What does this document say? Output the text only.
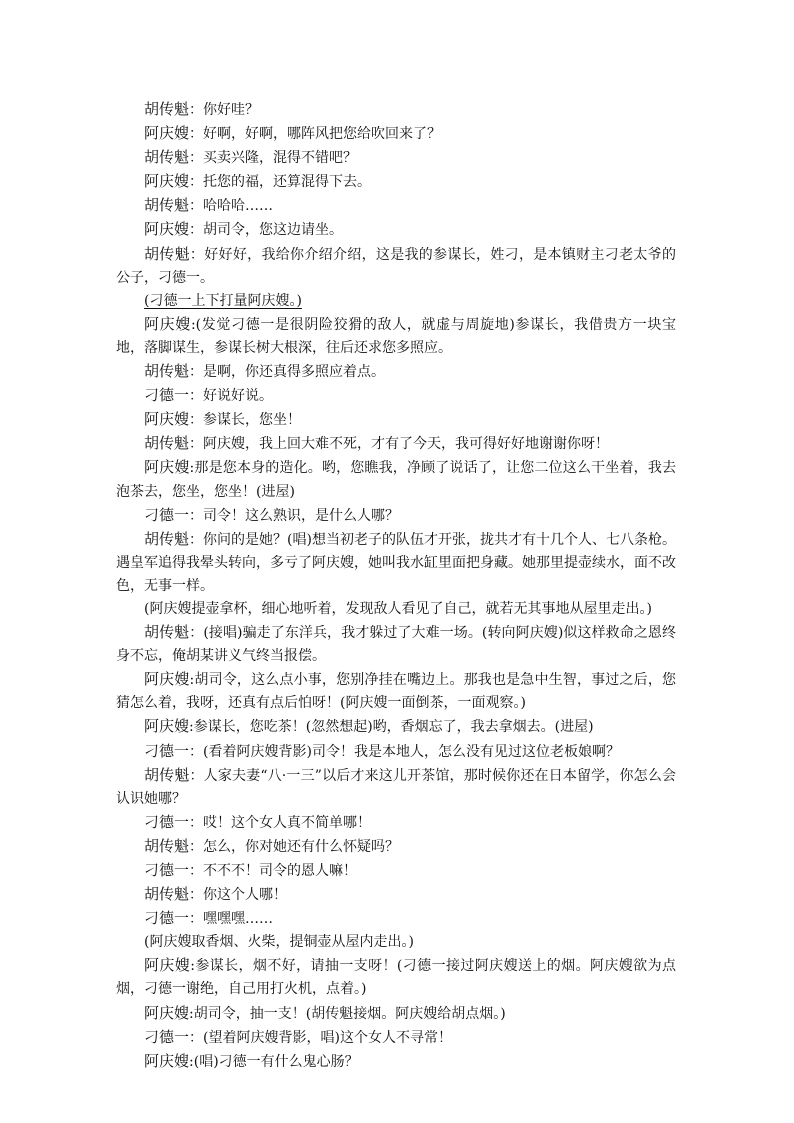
胡传魁：你好哇？

阿庆嫂：好啊，好啊，哪阵风把您给吹回来了？

胡传魁：买卖兴隆，混得不错吧？

阿庆嫂：托您的福，还算混得下去。

胡传魁：哈哈哈……

阿庆嫂：胡司令，您这边请坐。

胡传魁：好好好，我给你介绍介绍，这是我的参谋长，姓刁，是本镇财主刁老太爷的公子，刁德一。

(刁德一上下打量阿庆嫂。)

阿庆嫂:(发觉刁德一是很阴险狡猾的敌人，就虚与周旋地)参谋长，我借贵方一块宝地，落脚谋生，参谋长树大根深，往后还求您多照应。

胡传魁：是啊，你还真得多照应着点。

刁德一：好说好说。

阿庆嫂：参谋长，您坐！

胡传魁：阿庆嫂，我上回大难不死，才有了今天，我可得好好地谢谢你呀！

阿庆嫂:那是您本身的造化。哟，您瞧我，净顾了说话了，让您二位这么干坐着，我去泡茶去，您坐，您坐！(进屋)

刁德一：司令！这么熟识，是什么人哪？

胡传魁：你问的是她？(唱)想当初老子的队伍才开张，拢共才有十几个人、七八条枪。遇皇军追得我晕头转向，多亏了阿庆嫂，她叫我水缸里面把身藏。她那里提壶续水，面不改色，无事一样。

(阿庆嫂提壶拿杯，细心地听着，发现敌人看见了自己，就若无其事地从屋里走出。)

胡传魁：(接唱)骗走了东洋兵，我才躲过了大难一场。(转向阿庆嫂)似这样救命之恩终身不忘，俺胡某讲义气终当报偿。

阿庆嫂:胡司令，这么点小事，您别净挂在嘴边上。那我也是急中生智，事过之后，您猜怎么着，我呀，还真有点后怕呀！(阿庆嫂一面倒茶，一面观察。)

阿庆嫂:参谋长，您吃茶！(忽然想起)哟，香烟忘了，我去拿烟去。(进屋)

刁德一：(看着阿庆嫂背影)司令！我是本地人，怎么没有见过这位老板娘啊？

胡传魁：人家夫妻“八·一三”以后才来这儿开茶馆，那时候你还在日本留学，你怎么会认识她哪？

刁德一：哎！这个女人真不简单哪！

胡传魁：怎么，你对她还有什么怀疑吗？

刁德一：不不不！司令的恩人嘛！

胡传魁：你这个人哪！

刁德一：嘿嘿嘿……

(阿庆嫂取香烟、火柴，提铜壶从屋内走出。)

阿庆嫂:参谋长，烟不好，请抽一支呀！(刁德一接过阿庆嫂送上的烟。阿庆嫂欲为点烟，刁德一谢绝，自己用打火机，点着。)

阿庆嫂:胡司令，抽一支！(胡传魁接烟。阿庆嫂给胡点烟。)

刁德一：(望着阿庆嫂背影，唱)这个女人不寻常！

阿庆嫂:(唱)刁德一有什么鬼心肠？
